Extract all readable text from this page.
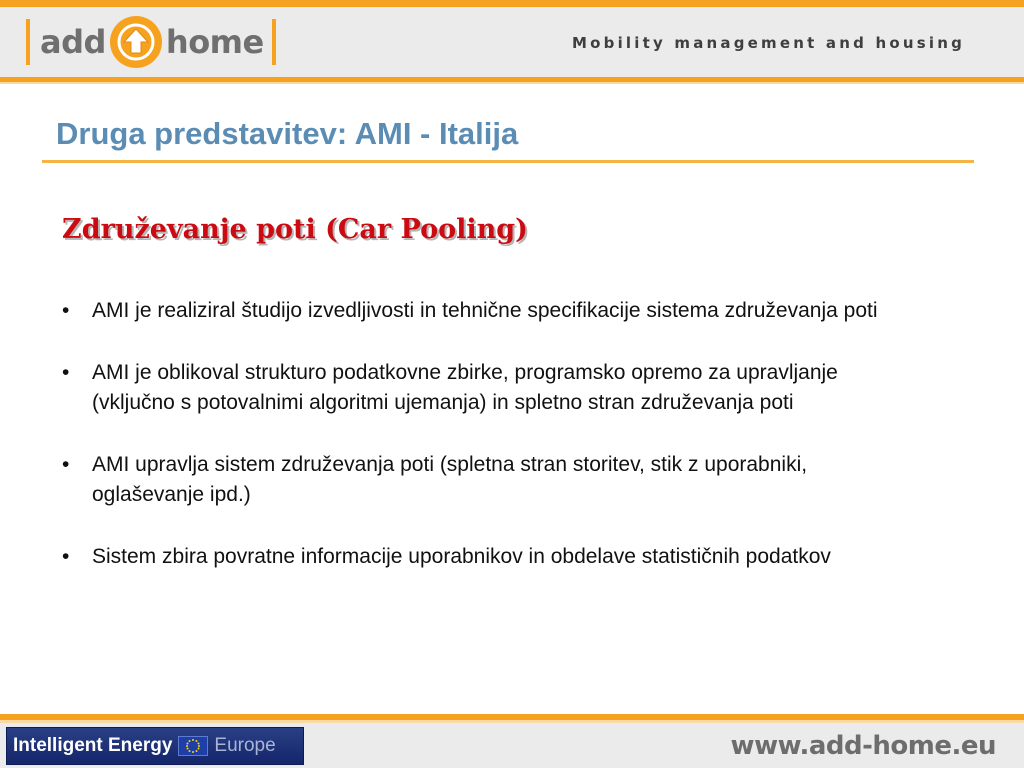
add home	Mobility management and housing
Druga predstavitev: AMI - Italija
Združevanje poti (Car Pooling)
•	AMI je realiziral študijo izvedljivosti in tehnične specifikacije sistema združevanja poti
•	AMI je oblikoval strukturo podatkovne zbirke, programsko opremo za upravljanje (vključno s potovalnimi algoritmi ujemanja) in spletno stran združevanja poti
•	AMI upravlja sistem združevanja poti (spletna stran storitev, stik z uporabniki, oglaševanje ipd.)
•	Sistem zbira povratne informacije uporabnikov in obdelave statističnih podatkov
Intelligent Energy Europe	www.add-home.eu
